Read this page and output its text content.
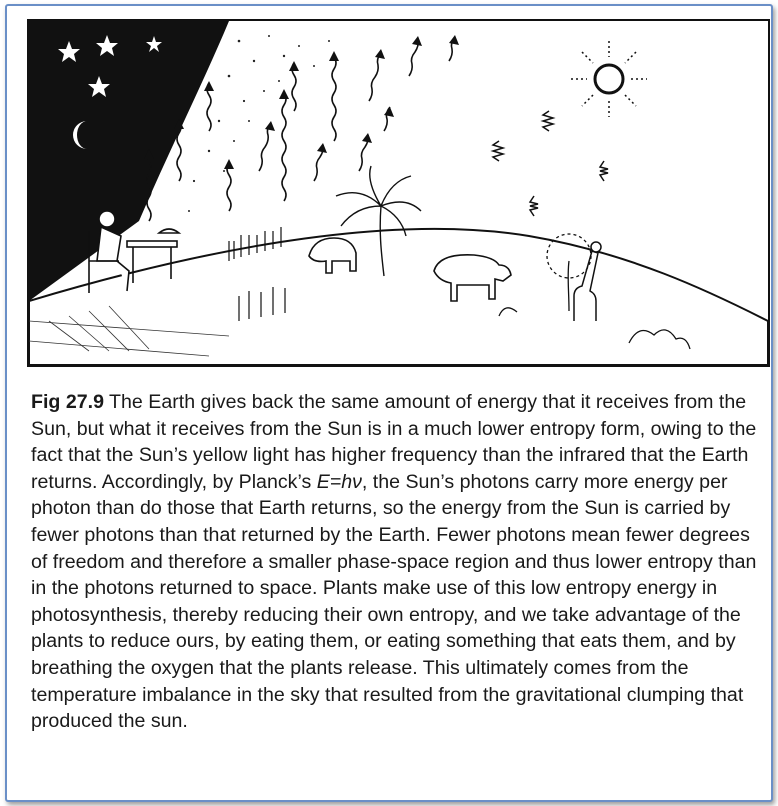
Fig 27.9 The Earth gives back the same amount of energy that it receives from the Sun, but what it receives from the Sun is in a much lower entropy form, owing to the fact that the Sun’s yellow light has higher frequency than the infrared that the Earth returns. Accordingly, by Planck’s E=hν, the Sun’s photons carry more energy per photon than do those that Earth returns, so the energy from the Sun is carried by fewer photons than that returned by the Earth. Fewer photons mean fewer degrees of freedom and therefore a smaller phase-space region and thus lower entropy than in the photons returned to space. Plants make use of this low entropy energy in photosynthesis, thereby reducing their own entropy, and we take advantage of the plants to reduce ours, by eating them, or eating something that eats them, and by breathing the oxygen that the plants release. This ultimately comes from the temperature imbalance in the sky that resulted from the gravitational clumping that produced the sun.
